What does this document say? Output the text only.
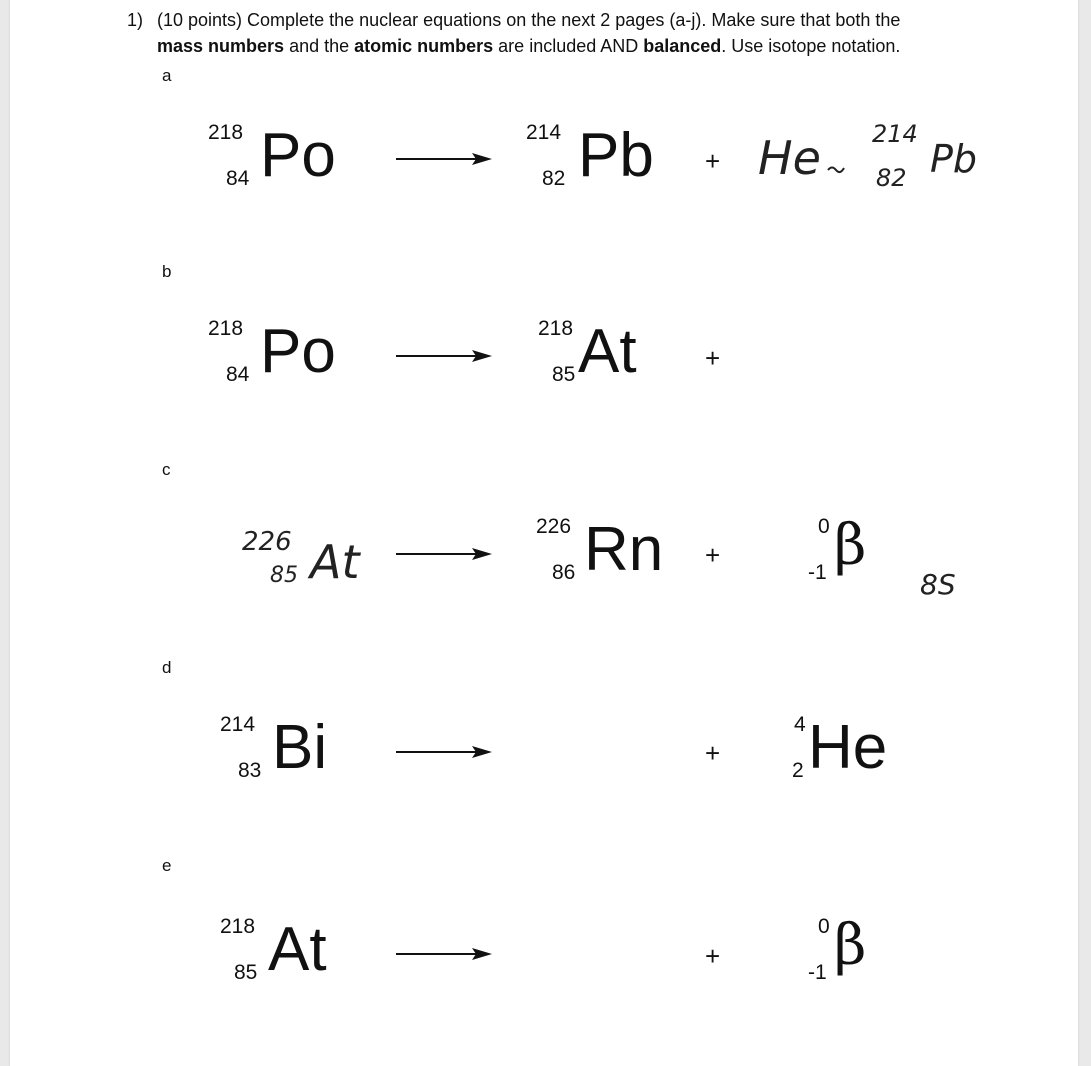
1) (10 points) Complete the nuclear equations on the next 2 pages (a-j). Make sure that both the
mass numbers and the atomic numbers are included AND balanced. Use isotope notation.
a
218
84 Po	214
82 Pb + He 214
82 Pb
b
218
84 Po	218
85 At	+
c
226
85 At
226
86 Rn +
0
-1 β
8S
d
214
83 Bi	+
4
2 He
e
218
85 At	+
0
-1 β
